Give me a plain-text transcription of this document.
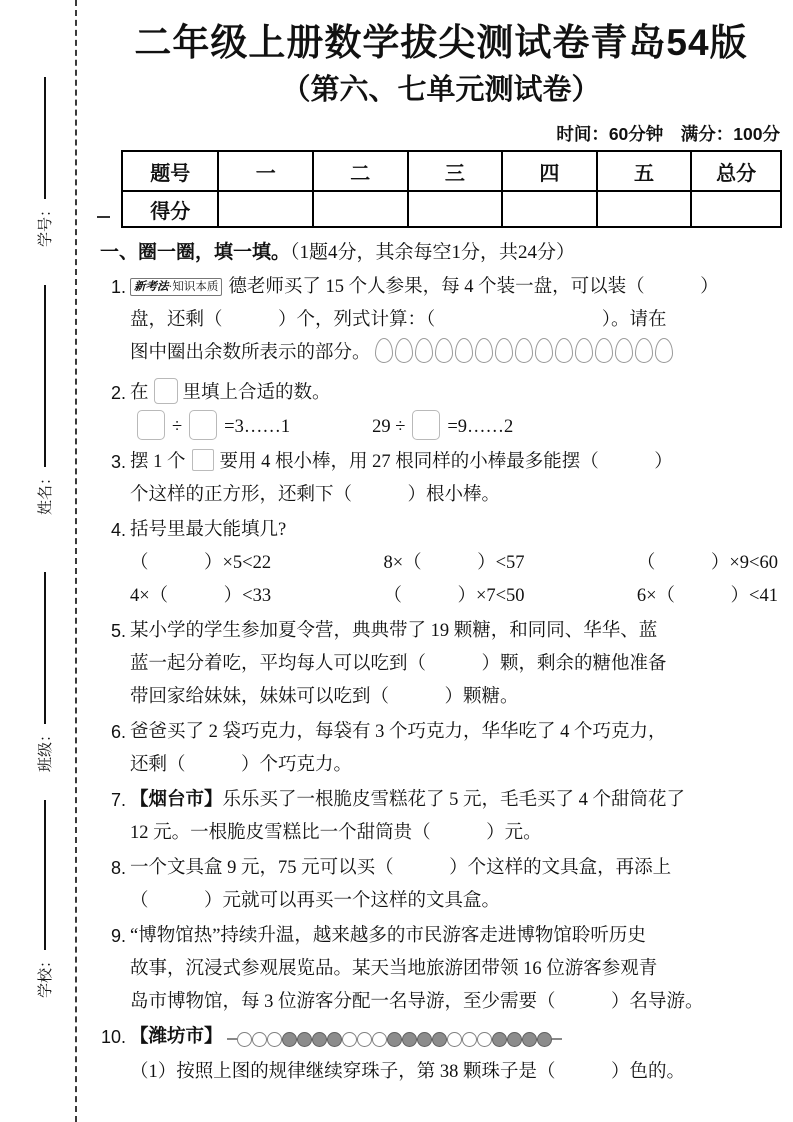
学号：
姓名：
班级：
学校：
二年级上册数学拔尖测试卷青岛54版
（第六、七单元测试卷）
时间：60分钟　满分：100分
题号	一	二	三	四	五	总分
得分						
一、圈一圈，填一填。（1题4分，其余每空1分，共24分）
1. 新考法·知识本质 德老师买了 15 个人参果，每 4 个装一盘，可以装（　　　）
盘，还剩（　　　）个，列式计算：（　　　　　　　　　）。请在
图中圈出余数所表示的部分。
2. 在 里填上合适的数。
÷ =3……1	29 ÷ =9……2
3. 摆 1 个 要用 4 根小棒，用 27 根同样的小棒最多能摆（　　　）
个这样的正方形，还剩下（　　　）根小棒。
4. 括号里最大能填几?
（　　　）×5<22	8×（　　　）<57	（　　　）×9<60
4×（　　　）<33	（　　　）×7<50	6×（　　　）<41
5. 某小学的学生参加夏令营，典典带了 19 颗糖，和同同、华华、蓝
蓝一起分着吃，平均每人可以吃到（　　　）颗，剩余的糖他准备
带回家给妹妹，妹妹可以吃到（　　　）颗糖。
6. 爸爸买了 2 袋巧克力，每袋有 3 个巧克力，华华吃了 4 个巧克力，
还剩（　　　）个巧克力。
7. 【烟台市】乐乐买了一根脆皮雪糕花了 5 元，毛毛买了 4 个甜筒花了
12 元。一根脆皮雪糕比一个甜筒贵（　　　）元。
8. 一个文具盒 9 元，75 元可以买（　　　）个这样的文具盒，再添上
（　　　）元就可以再买一个这样的文具盒。
9. “博物馆热”持续升温，越来越多的市民游客走进博物馆聆听历史
故事，沉浸式参观展览品。某天当地旅游团带领 16 位游客参观青
岛市博物馆，每 3 位游客分配一名导游，至少需要（　　　）名导游。
10. 【潍坊市】
（1）按照上图的规律继续穿珠子，第 38 颗珠子是（　　　）色的。
